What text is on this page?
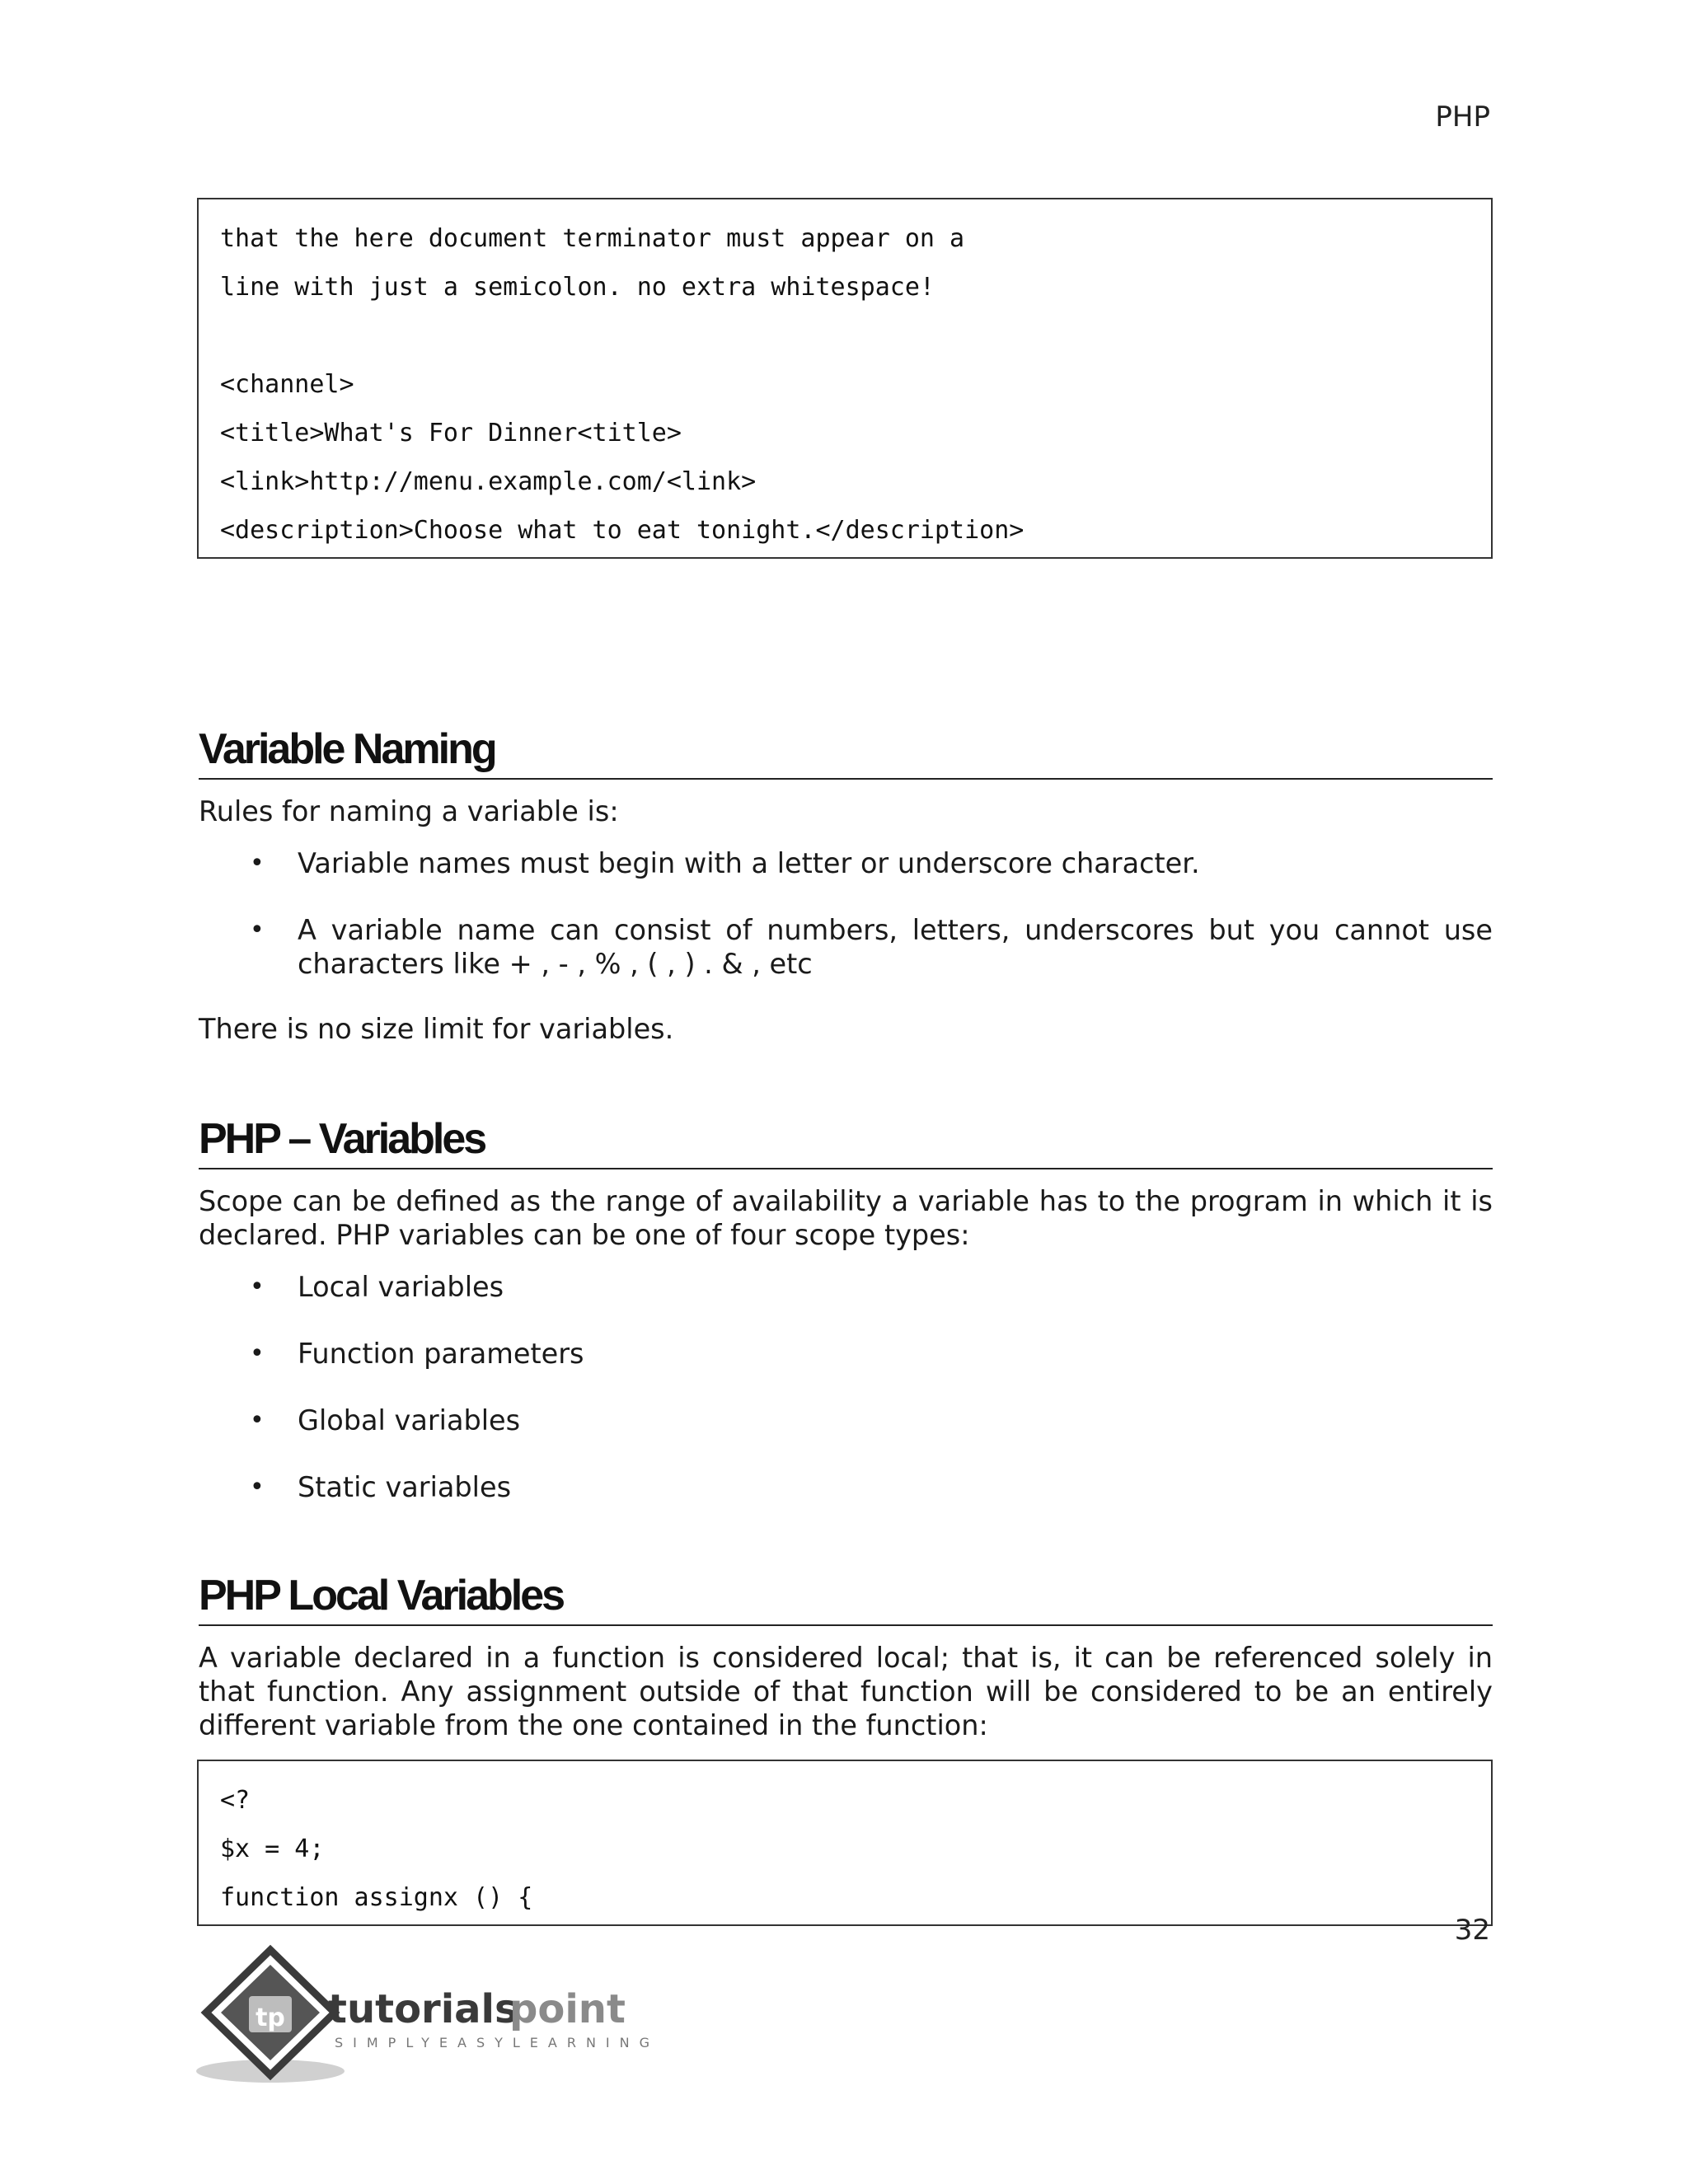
PHP
that the here document terminator must appear on a
line with just a semicolon. no extra whitespace!
<channel>
<title>What's For Dinner<title>
<link>http://menu.example.com/<link>
<description>Choose what to eat tonight.</description>
Variable Naming

Rules for naming a variable is:

• Variable names must begin with a letter or underscore character.
• A variable name can consist of numbers, letters, underscores but you cannot use characters like + , - , % , ( , ) . & , etc

There is no size limit for variables.

PHP – Variables

Scope can be defined as the range of availability a variable has to the program in which it is declared. PHP variables can be one of four scope types:

• Local variables
• Function parameters
• Global variables
• Static variables
PHP Local Variables

A variable declared in a function is considered local; that is, it can be referenced solely in that function. Any assignment outside of that function will be considered to be an entirely different variable from the one contained in the function:

<?
$x = 4;
function assignx () {
32
tp tutorials
point
SIMPLYEASYLEARNING
